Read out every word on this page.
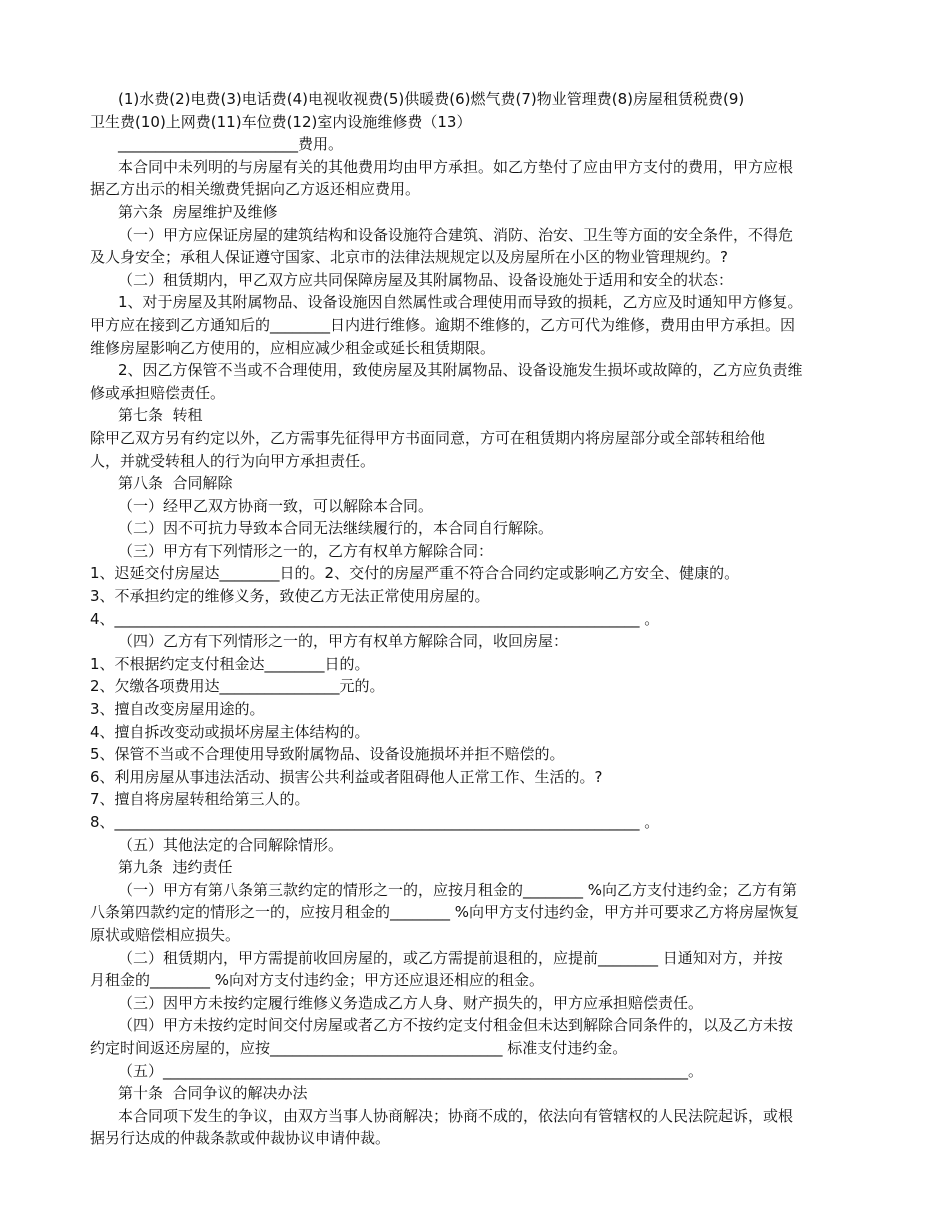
(1)水费(2)电费(3)电话费(4)电视收视费(5)供暖费(6)燃气费(7)物业管理费(8)房屋租赁税费(9)
卫生费(10)上网费(11)车位费(12)室内设施维修费（13）
________________________费用。
本合同中未列明的与房屋有关的其他费用均由甲方承担。如乙方垫付了应由甲方支付的费用，甲方应根
据乙方出示的相关缴费凭据向乙方返还相应费用。
第六条  房屋维护及维修
（一）甲方应保证房屋的建筑结构和设备设施符合建筑、消防、治安、卫生等方面的安全条件，不得危
及人身安全；承租人保证遵守国家、北京市的法律法规规定以及房屋所在小区的物业管理规约。?
（二）租赁期内，甲乙双方应共同保障房屋及其附属物品、设备设施处于适用和安全的状态：
1、对于房屋及其附属物品、设备设施因自然属性或合理使用而导致的损耗，乙方应及时通知甲方修复。
甲方应在接到乙方通知后的________日内进行维修。逾期不维修的，乙方可代为维修，费用由甲方承担。因
维修房屋影响乙方使用的，应相应减少租金或延长租赁期限。
2、因乙方保管不当或不合理使用，致使房屋及其附属物品、设备设施发生损坏或故障的，乙方应负责维
修或承担赔偿责任。
第七条  转租
除甲乙双方另有约定以外，乙方需事先征得甲方书面同意，方可在租赁期内将房屋部分或全部转租给他
人，并就受转租人的行为向甲方承担责任。
第八条  合同解除
（一）经甲乙双方协商一致，可以解除本合同。
（二）因不可抗力导致本合同无法继续履行的，本合同自行解除。
（三）甲方有下列情形之一的，乙方有权单方解除合同：
1、迟延交付房屋达________日的。2、交付的房屋严重不符合合同约定或影响乙方安全、健康的。
3、不承担约定的维修义务，致使乙方无法正常使用房屋的。
4、______________________________________________________________________ 。
（四）乙方有下列情形之一的，甲方有权单方解除合同，收回房屋：
1、不根据约定支付租金达________日的。
2、欠缴各项费用达________________元的。
3、擅自改变房屋用途的。
4、擅自拆改变动或损坏房屋主体结构的。
5、保管不当或不合理使用导致附属物品、设备设施损坏并拒不赔偿的。
6、利用房屋从事违法活动、损害公共利益或者阻碍他人正常工作、生活的。?
7、擅自将房屋转租给第三人的。
8、______________________________________________________________________ 。
（五）其他法定的合同解除情形。
第九条  违约责任
（一）甲方有第八条第三款约定的情形之一的，应按月租金的________ %向乙方支付违约金；乙方有第
八条第四款约定的情形之一的，应按月租金的________ %向甲方支付违约金，甲方并可要求乙方将房屋恢复
原状或赔偿相应损失。
（二）租赁期内，甲方需提前收回房屋的，或乙方需提前退租的，应提前________ 日通知对方，并按
月租金的________ %向对方支付违约金；甲方还应退还相应的租金。
（三）因甲方未按约定履行维修义务造成乙方人身、财产损失的，甲方应承担赔偿责任。
（四）甲方未按约定时间交付房屋或者乙方不按约定支付租金但未达到解除合同条件的，以及乙方未按
约定时间返还房屋的，应按_______________________________ 标准支付违约金。
（五）______________________________________________________________________。
第十条  合同争议的解决办法
本合同项下发生的争议，由双方当事人协商解决；协商不成的，依法向有管辖权的人民法院起诉，或根
据另行达成的仲裁条款或仲裁协议申请仲裁。
